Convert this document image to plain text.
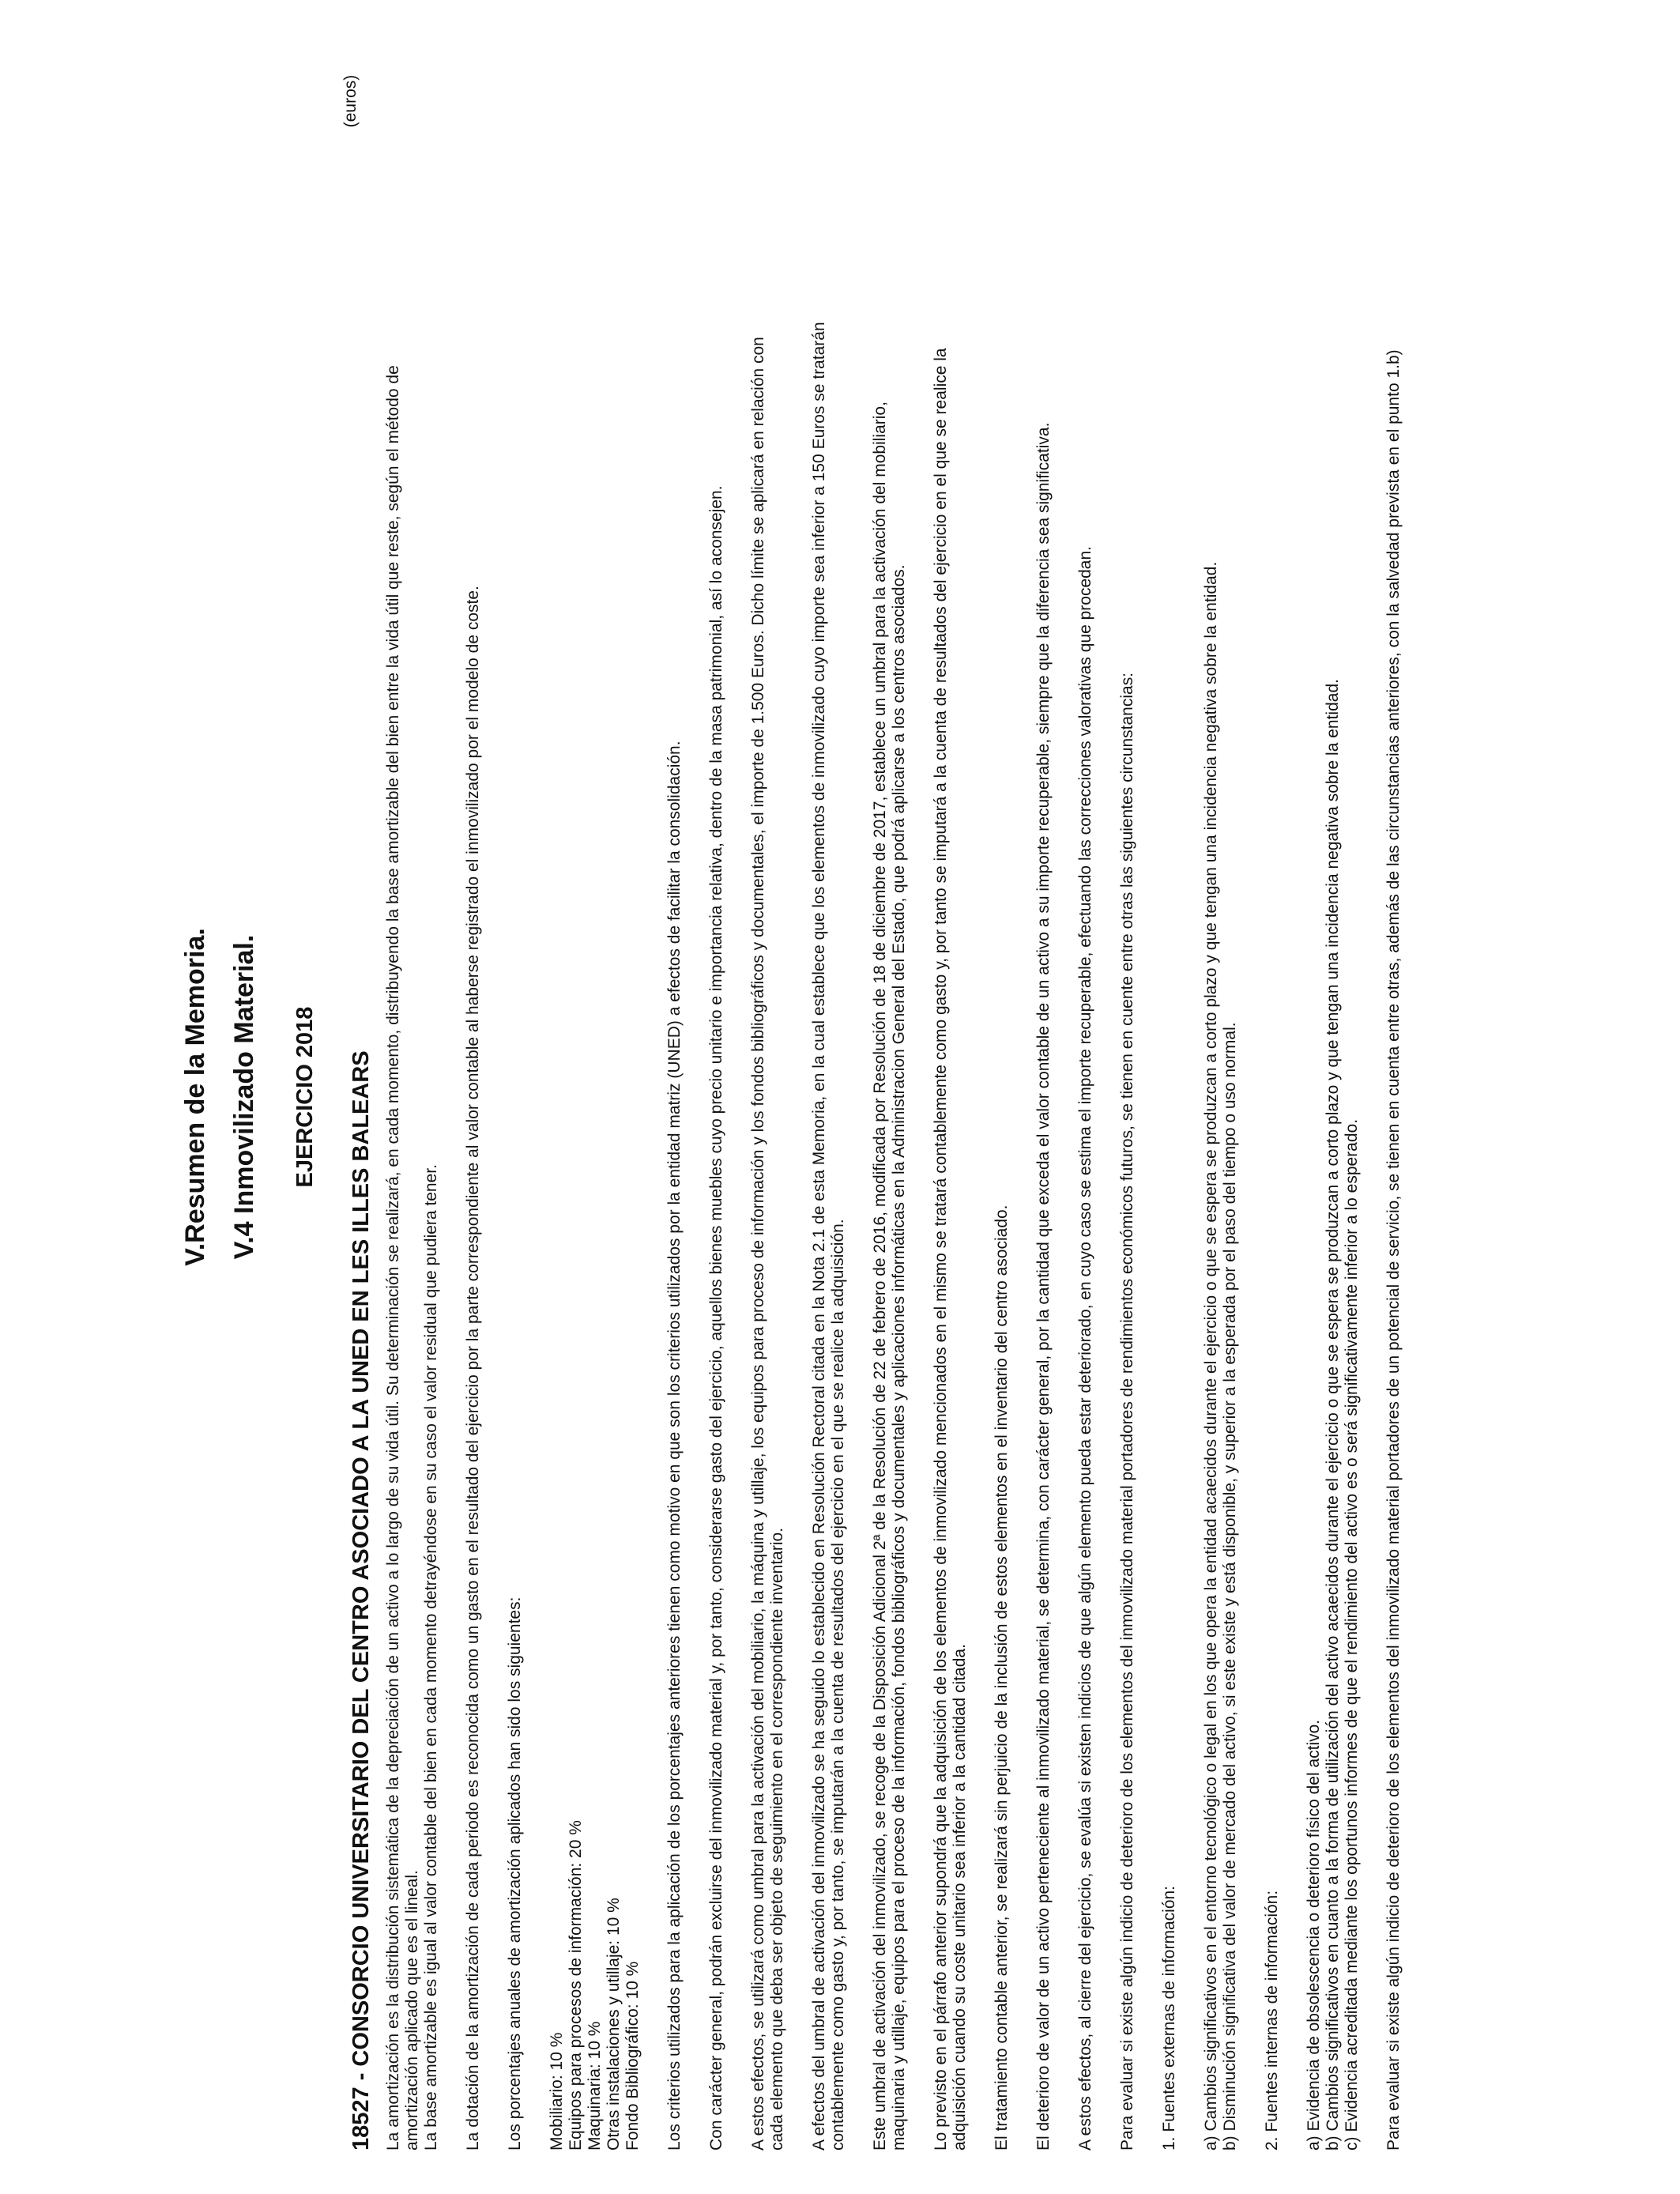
V.Resumen de la Memoria. V.4 Inmovilizado Material. EJERCICIO 2018
(euros)
18527 - CONSORCIO UNIVERSITARIO DEL CENTRO ASOCIADO A LA UNED EN LES ILLES BALEARS La amortización es la distribución sistemática de la depreciación de un activo a lo largo de su vida útil. Su determinación se realizará, en cada momento, distribuyendo la base amortizable del bien entre la vida útil que reste, según el método de amortización aplicado que es el lineal. La base amortizable es igual al valor contable del bien en cada momento detrayéndose en su caso el valor residual que pudiera tener. La dotación de la amortización de cada periodo es reconocida como un gasto en el resultado del ejercicio por la parte correspondiente al valor contable al haberse registrado el inmovilizado por el modelo de coste. Los porcentajes anuales de amortización aplicados han sido los siguientes: Mobiliario: 10 % Equipos para procesos de información: 20 % Maquinaria: 10 % Otras instalaciones y utillaje: 10 % Fondo Bibliográfico: 10 % Los criterios utilizados para la aplicación de los porcentajes anteriores tienen como motivo en que son los criterios utilizados por la entidad matriz (UNED) a efectos de facilitar la consolidación. Con carácter general, podrán excluirse del inmovilizado material y, por tanto, considerarse gasto del ejercicio, aquellos bienes muebles cuyo precio unitario e importancia relativa, dentro de la masa patrimonial, así lo aconsejen. A estos efectos, se utilizará como umbral para la activación del mobiliario, la máquina y utillaje, los equipos para proceso de información y los fondos bibliográficos y documentales, el importe de 1.500 Euros. Dicho límite se aplicará en relación con cada elemento que deba ser objeto de seguimiento en el correspondiente inventario. A efectos del umbral de activación del inmovilizado se ha seguido lo establecido en Resolución Rectoral citada en la Nota 2.1 de esta Memoria, en la cual establece que los elementos de inmovilizado cuyo importe sea inferior a 150 Euros se tratarán contablemente como gasto y, por tanto, se imputarán a la cuenta de resultados del ejercicio en el que se realice la adquisición. Este umbral de activación del inmovilizado, se recoge de la Disposición Adicional 2ª de la Resolución de 22 de febrero de 2016, modificada por Resolución de 18 de diciembre de 2017, establece un umbral para la activación del mobiliario, maquinaria y utillaje, equipos para el proceso de la información, fondos bibliográficos y documentales y aplicaciones informáticas en la Administracion General del Estado, que podrá aplicarse a los centros asociados. Lo previsto en el párrafo anterior supondrá que la adquisición de los elementos de inmovilizado mencionados en el mismo se tratará contablemente como gasto y, por tanto se imputará a la cuenta de resultados del ejercicio en el que se realice la adquisición cuando su coste unitario sea inferior a la cantidad citada. El tratamiento contable anterior, se realizará sin perjuicio de la inclusión de estos elementos en el inventario del centro asociado. El deterioro de valor de un activo perteneciente al inmovilizado material, se determina, con carácter general, por la cantidad que exceda el valor contable de un activo a su importe recuperable, siempre que la diferencia sea significativa. A estos efectos, al cierre del ejercicio, se evalúa si existen indicios de que algún elemento pueda estar deteriorado, en cuyo caso se estima el importe recuperable, efectuando las correcciones valorativas que procedan. Para evaluar si existe algún indicio de deterioro de los elementos del inmovilizado material portadores de rendimientos económicos futuros, se tienen en cuente entre otras las siguientes circunstancias: 1. Fuentes externas de información: a) Cambios significativos en el entorno tecnológico o legal en los que opera la entidad acaecidos durante el ejercicio o que se espera se produzcan a corto plazo y que tengan una incidencia negativa sobre la entidad. b) Disminución significativa del valor de mercado del activo, si este existe y está disponible, y superior a la esperada por el paso del tiempo o uso normal. 2. Fuentes internas de información: a) Evidencia de obsolescencia o deterioro físico del activo. b) Cambios significativos en cuanto a la forma de utilización del activo acaecidos durante el ejercicio o que se espera se produzcan a corto plazo y que tengan una incidencia negativa sobre la entidad. c) Evidencia acreditada mediante los oportunos informes de que el rendimiento del activo es o será significativamente inferior a lo esperado. Para evaluar si existe algún indicio de deterioro de los elementos del inmovilizado material portadores de un potencial de servicio, se tienen en cuenta entre otras, además de las circunstancias anteriores, con la salvedad prevista en el punto 1.b)
